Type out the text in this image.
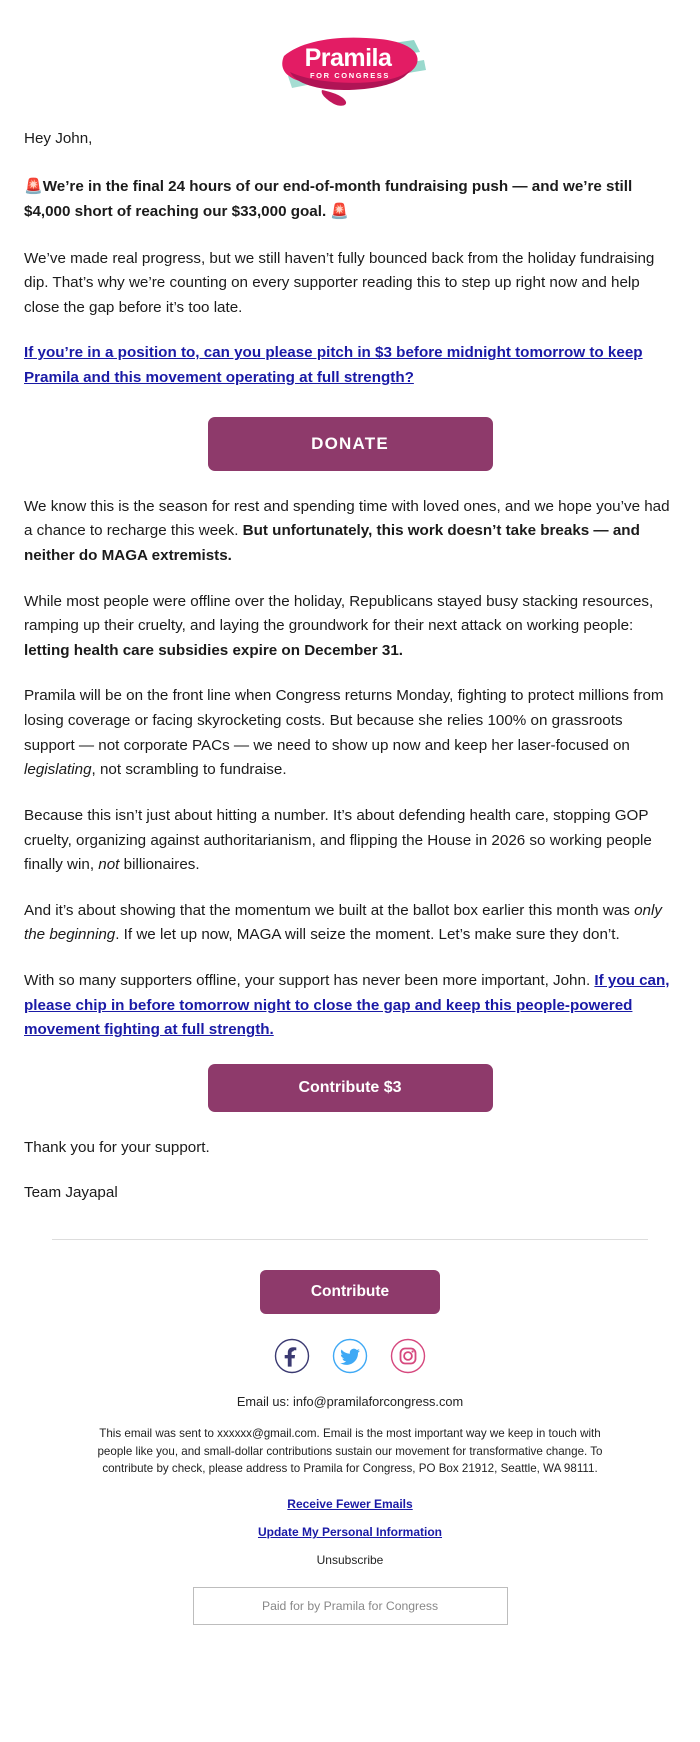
Pramila
FOR CONGRESS

Hey John,

🚨We’re in the final 24 hours of our end-of-month fundraising push — and we’re still $4,000 short of reaching our $33,000 goal. 🚨

We’ve made real progress, but we still haven’t fully bounced back from the holiday fundraising dip. That’s why we’re counting on every supporter reading this to step up right now and help close the gap before it’s too late.

If you’re in a position to, can you please pitch in $3 before midnight tomorrow to keep Pramila and this movement operating at full strength?

DONATE

We know this is the season for rest and spending time with loved ones, and we hope you’ve had a chance to recharge this week. But unfortunately, this work doesn’t take breaks — and neither do MAGA extremists.

While most people were offline over the holiday, Republicans stayed busy stacking resources, ramping up their cruelty, and laying the groundwork for their next attack on working people: letting health care subsidies expire on December 31.

Pramila will be on the front line when Congress returns Monday, fighting to protect millions from losing coverage or facing skyrocketing costs. But because she relies 100% on grassroots support — not corporate PACs — we need to show up now and keep her laser-focused on legislating, not scrambling to fundraise.

Because this isn’t just about hitting a number. It’s about defending health care, stopping GOP cruelty, organizing against authoritarianism, and flipping the House in 2026 so working people finally win, not billionaires.

And it’s about showing that the momentum we built at the ballot box earlier this month was only the beginning. If we let up now, MAGA will seize the moment. Let’s make sure they don’t.

With so many supporters offline, your support has never been more important, John. If you can, please chip in before tomorrow night to close the gap and keep this people-powered movement fighting at full strength.

Contribute $3

Thank you for your support.

Team Jayapal

Contribute

Email us: info@pramilaforcongress.com

This email was sent to xxxxxx@gmail.com. Email is the most important way we keep in touch with people like you, and small-dollar contributions sustain our movement for transformative change. To contribute by check, please address to Pramila for Congress, PO Box 21912, Seattle, WA 98111.

Receive Fewer Emails
Update My Personal Information

Unsubscribe

Paid for by Pramila for Congress
